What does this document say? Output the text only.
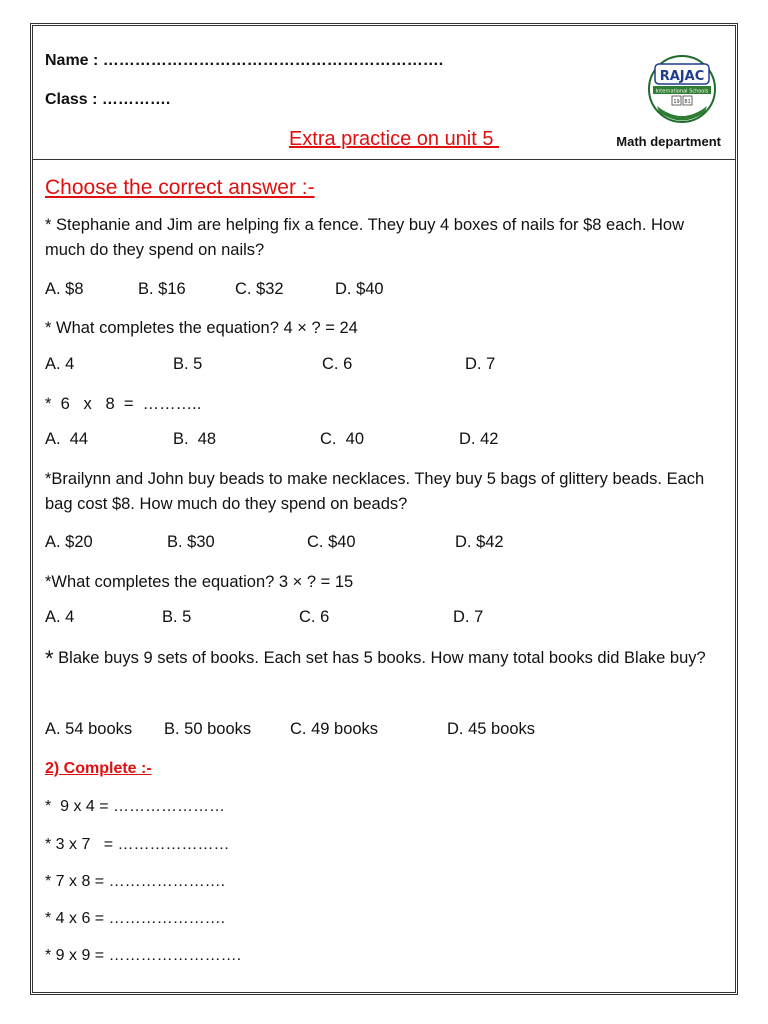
Name : ……………………………………………………….
Class : ………….
RAJAC
International Schools
19 81
RIS
Extra practice on unit 5	Math department
Choose the correct answer :-
* Stephanie and Jim are helping fix a fence. They buy 4 boxes of nails for $8 each. How much do they spend on nails?
A. $8	B. $16	C. $32	D. $40
* What completes the equation? 4 × ? = 24
A. 4	B. 5	C. 6	D. 7
*  6   x   8  =  ………..
A.  44	B.  48	C.  40	D. 42
*Brailynn and John buy beads to make necklaces. They buy 5 bags of glittery beads. Each bag cost $8. How much do they spend on beads?
A. $20	B. $30	C. $40	D. $42
*What completes the equation? 3 × ? = 15
A. 4	B. 5	C. 6	D. 7
* Blake buys 9 sets of books. Each set has 5 books. How many total books did Blake buy?
A. 54 books B. 50 books C. 49 books	D. 45 books
2) Complete :-
*  9 x 4 = …………………
* 3 x 7   = …………………
* 7 x 8 = ………………….
* 4 x 6 = ………………….
* 9 x 9 = …………………….
